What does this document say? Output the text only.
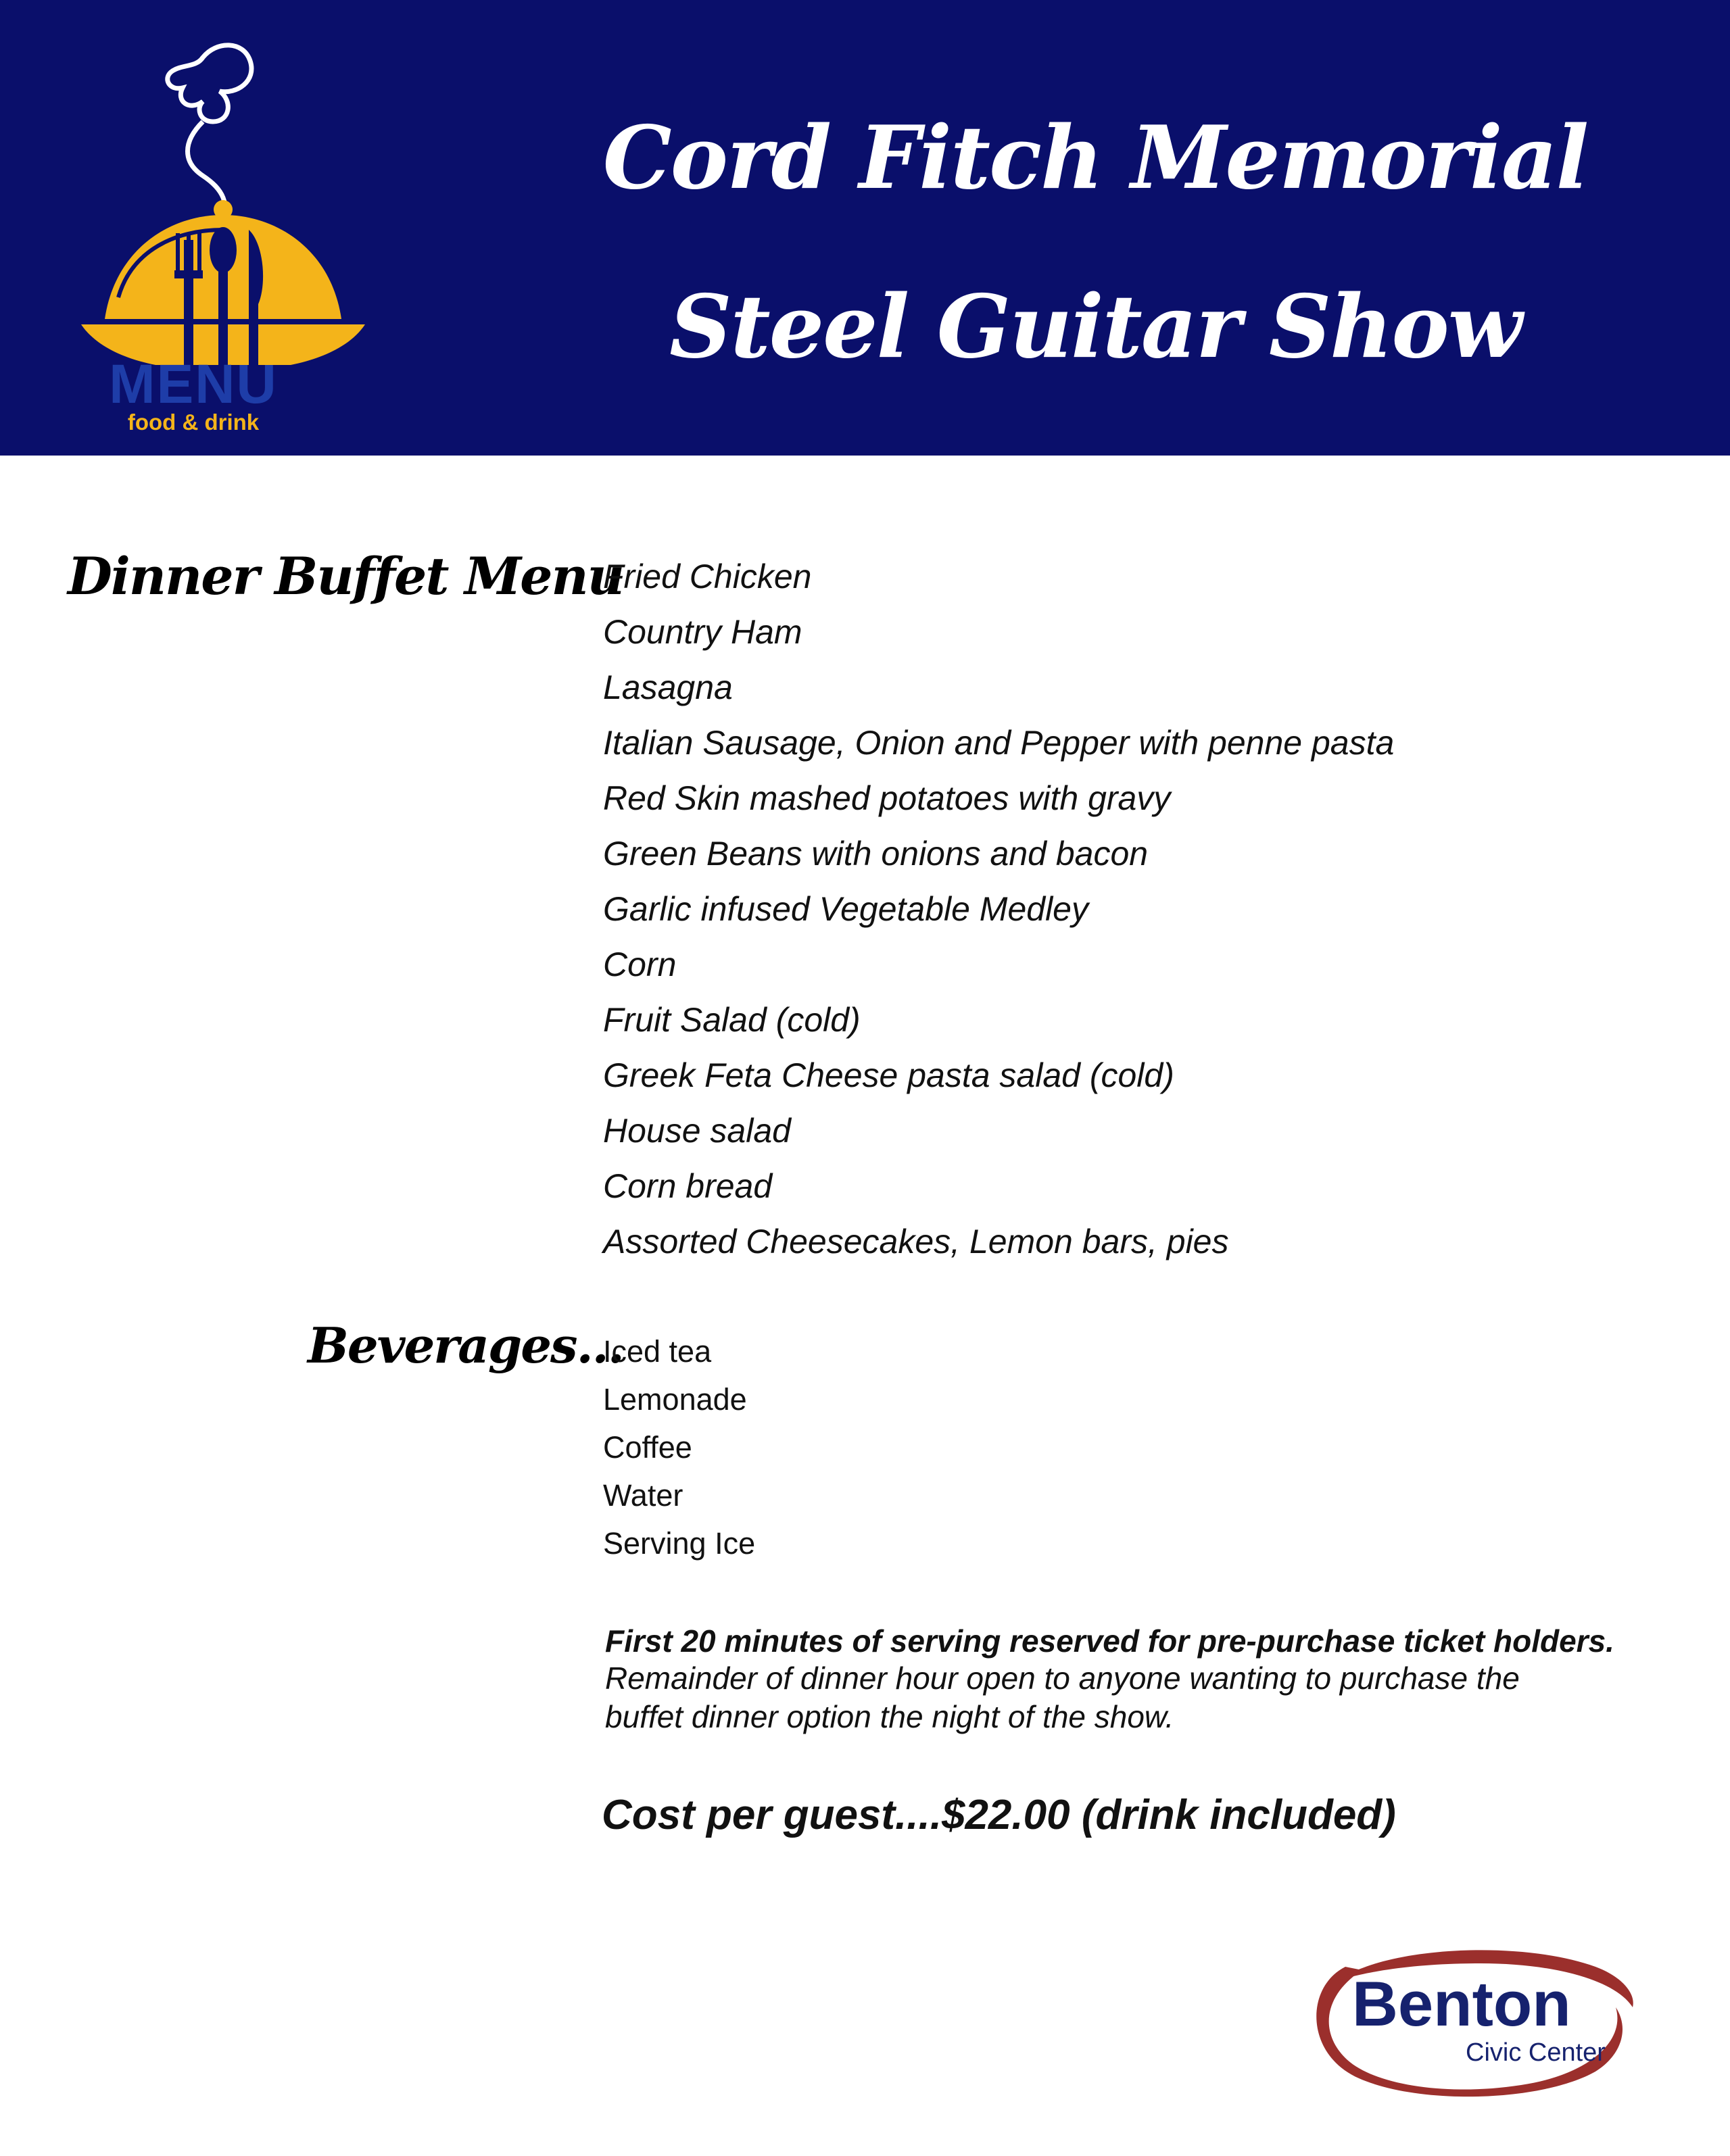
MENU
food & drink
Cord Fitch Memorial
Steel Guitar Show
Dinner Buffet Menu
Fried Chicken
Country Ham
Lasagna
Italian Sausage, Onion and Pepper with penne pasta
Red Skin mashed potatoes with gravy
Green Beans with onions and bacon
Garlic infused Vegetable Medley
Corn
Fruit Salad (cold)
Greek Feta Cheese pasta salad (cold)
House salad
Corn bread
Assorted Cheesecakes, Lemon bars, pies
Beverages...
Iced tea
Lemonade
Coffee
Water
Serving Ice
First 20 minutes of serving reserved for pre-purchase ticket holders.
Remainder of dinner hour open to anyone wanting to purchase the
buffet dinner option the night of the show.
Cost per guest....$22.00 (drink included)
Benton
Civic Center
